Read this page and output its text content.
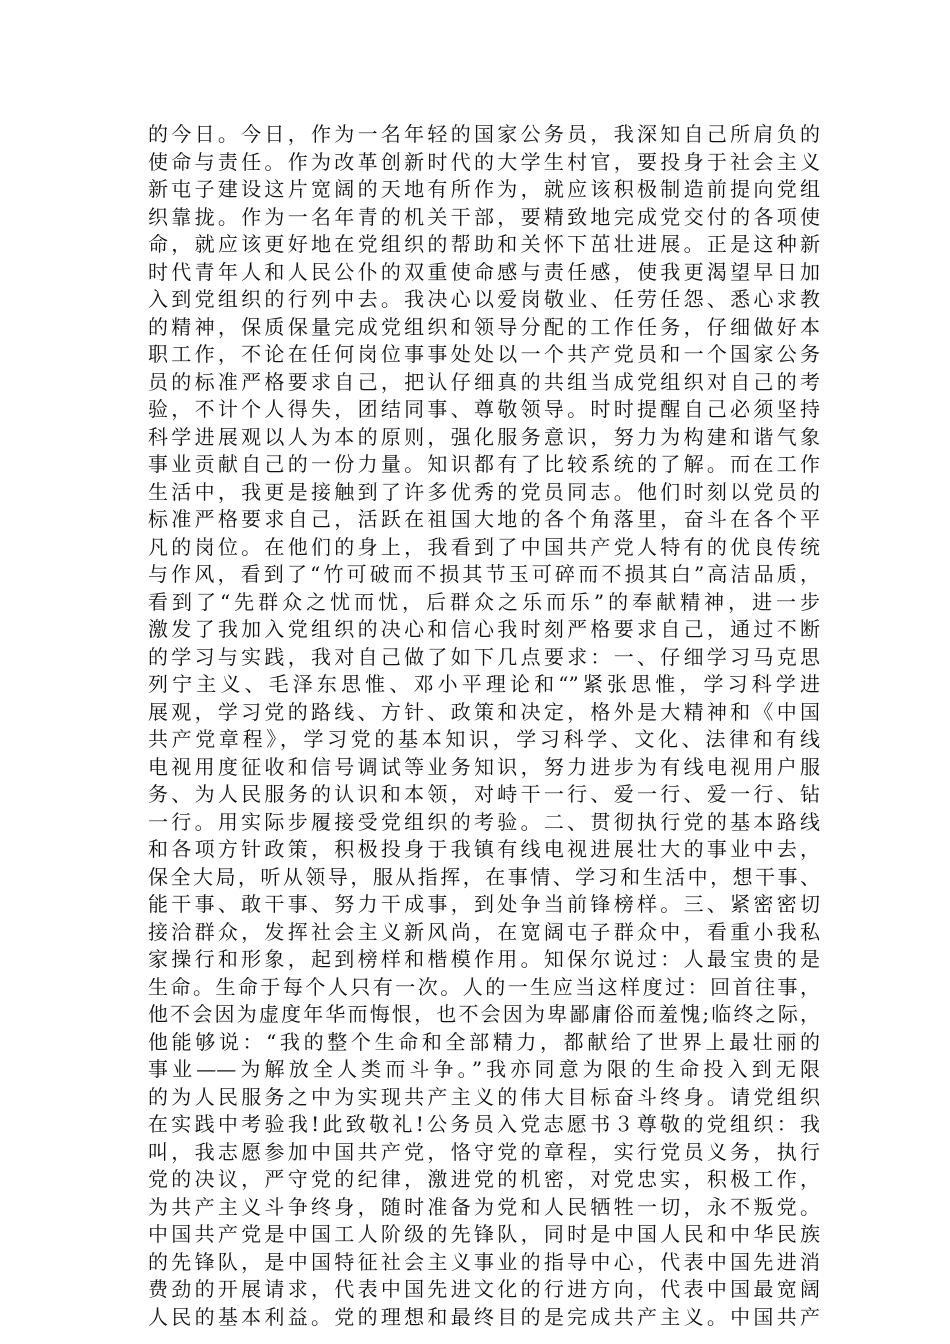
的今日。今日，作为一名年轻的国家公务员，我深知自己所肩负的
使命与责任。作为改革创新时代的大学生村官，要投身于社会主义
新屯子建设这片宽阔的天地有所作为，就应该积极制造前提向党组
织靠拢。作为一名年青的机关干部，要精致地完成党交付的各项使
命，就应该更好地在党组织的帮助和关怀下茁壮进展。正是这种新
时代青年人和人民公仆的双重使命感与责任感，使我更渴望早日加
入到党组织的行列中去。我决心以爱岗敬业、任劳任怨、悉心求教
的精神，保质保量完成党组织和领导分配的工作任务，仔细做好本
职工作，不论在任何岗位事事处处以一个共产党员和一个国家公务
员的标准严格要求自己，把认仔细真的共组当成党组织对自己的考
验，不计个人得失，团结同事、尊敬领导。时时提醒自己必须坚持
科学进展观以人为本的原则，强化服务意识，努力为构建和谐气象
事业贡献自己的一份力量。知识都有了比较系统的了解。而在工作
生活中，我更是接触到了许多优秀的党员同志。他们时刻以党员的
标准严格要求自己，活跃在祖国大地的各个角落里，奋斗在各个平
凡的岗位。在他们的身上，我看到了中国共产党人特有的优良传统
与作风，看到了“竹可破而不损其节玉可碎而不损其白”高洁品质，
看到了“先群众之忧而忧，后群众之乐而乐”的奉献精神，进一步
激发了我加入党组织的决心和信心我时刻严格要求自己，通过不断
的学习与实践，我对自己做了如下几点要求：一、仔细学习马克思
列宁主义、毛泽东思惟、邓小平理论和“”紧张思惟，学习科学进
展观，学习党的路线、方针、政策和决定，格外是大精神和《中国
共产党章程》，学习党的基本知识，学习科学、文化、法律和有线
电视用度征收和信号调试等业务知识，努力进步为有线电视用户服
务、为人民服务的认识和本领，对峙干一行、爱一行、爱一行、钻
一行。用实际步履接受党组织的考验。二、贯彻执行党的基本路线
和各项方针政策，积极投身于我镇有线电视进展壮大的事业中去，
保全大局，听从领导，服从指挥，在事情、学习和生活中，想干事、
能干事、敢干事、努力干成事，到处争当前锋榜样。三、紧密密切
接洽群众，发挥社会主义新风尚，在宽阔屯子群众中，看重小我私
家操行和形象，起到榜样和楷模作用。知保尔说过：人最宝贵的是
生命。生命于每个人只有一次。人的一生应当这样度过：回首往事，
他不会因为虚度年华而悔恨，也不会因为卑鄙庸俗而羞愧;临终之际，
他能够说：“我的整个生命和全部精力，都献给了世界上最壮丽的
事业——为解放全人类而斗争。”我亦同意为限的生命投入到无限
的为人民服务之中为实现共产主义的伟大目标奋斗终身。请党组织
在实践中考验我!此致敬礼!公务员入党志愿书３尊敬的党组织：我
叫，我志愿参加中国共产党，恪守党的章程，实行党员义务，执行
党的决议，严守党的纪律，激进党的机密，对党忠实，积极工作，
为共产主义斗争终身，随时准备为党和人民牺牲一切，永不叛党。
中国共产党是中国工人阶级的先锋队，同时是中国人民和中华民族
的先锋队，是中国特征社会主义事业的指导中心，代表中国先进消
费劲的开展请求，代表中国先进文化的行进方向，代表中国最宽阔
人民的基本利益。党的理想和最终目的是完成共产主义。中国共产
